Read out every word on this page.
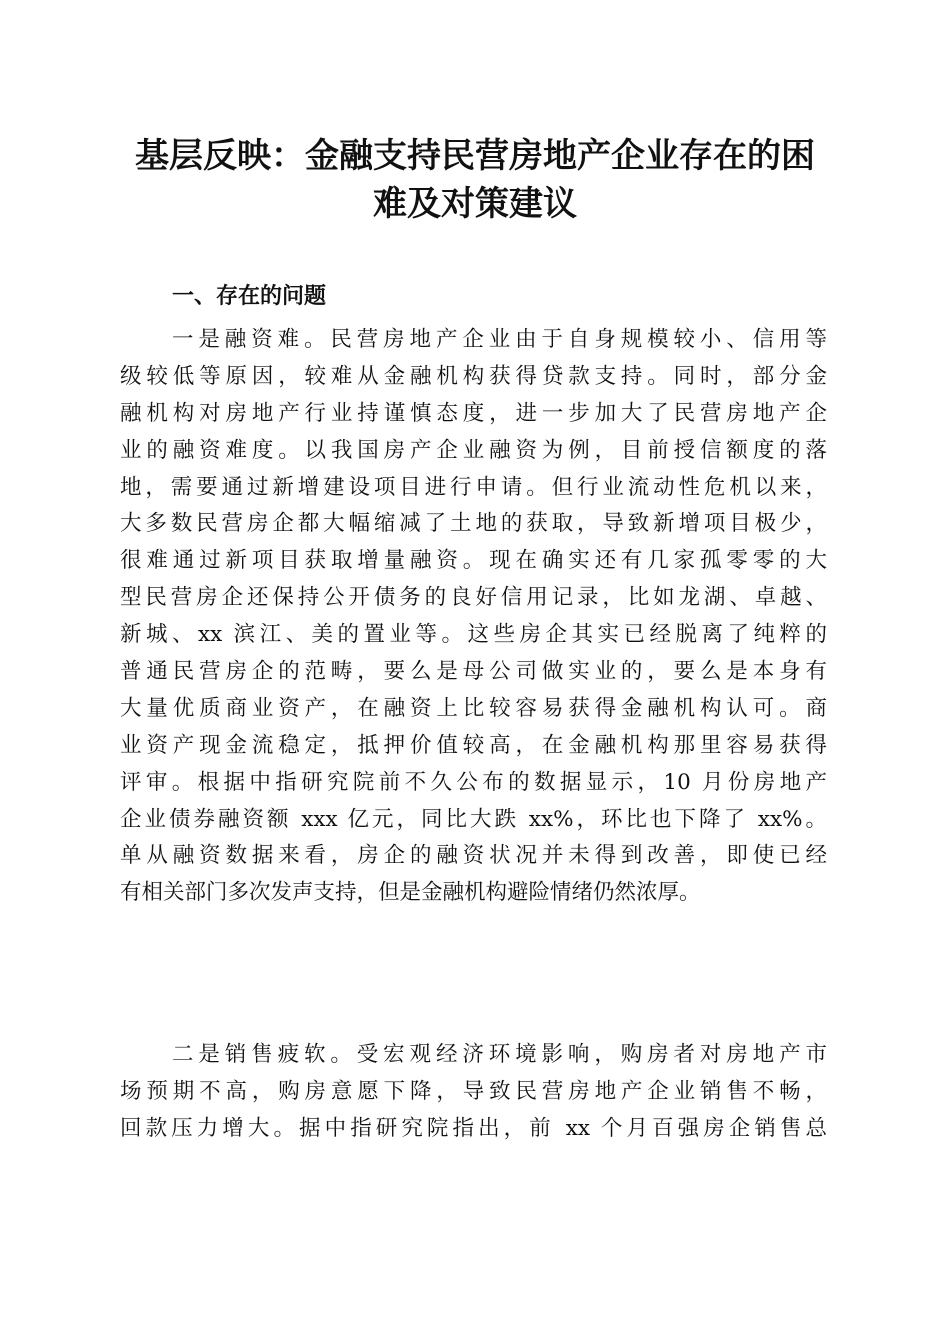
基层反映：金融支持民营房地产企业存在的困
难及对策建议
一、存在的问题
一是融资难。民营房地产企业由于自身规模较小、信用等
级较低等原因，较难从金融机构获得贷款支持。同时，部分金
融机构对房地产行业持谨慎态度，进一步加大了民营房地产企
业的融资难度。以我国房产企业融资为例，目前授信额度的落
地，需要通过新增建设项目进行申请。但行业流动性危机以来，
大多数民营房企都大幅缩减了土地的获取，导致新增项目极少，
很难通过新项目获取增量融资。现在确实还有几家孤零零的大
型民营房企还保持公开债务的良好信用记录，比如龙湖、卓越、
新城、xx 滨江、美的置业等。这些房企其实已经脱离了纯粹的
普通民营房企的范畴，要么是母公司做实业的，要么是本身有
大量优质商业资产，在融资上比较容易获得金融机构认可。商
业资产现金流稳定，抵押价值较高，在金融机构那里容易获得
评审。根据中指研究院前不久公布的数据显示，10 月份房地产
企业债券融资额 xxx 亿元，同比大跌 xx%，环比也下降了 xx%。
单从融资数据来看，房企的融资状况并未得到改善，即使已经
有相关部门多次发声支持，但是金融机构避险情绪仍然浓厚。
二是销售疲软。受宏观经济环境影响，购房者对房地产市
场预期不高，购房意愿下降，导致民营房地产企业销售不畅，
回款压力增大。据中指研究院指出，前 xx 个月百强房企销售总
